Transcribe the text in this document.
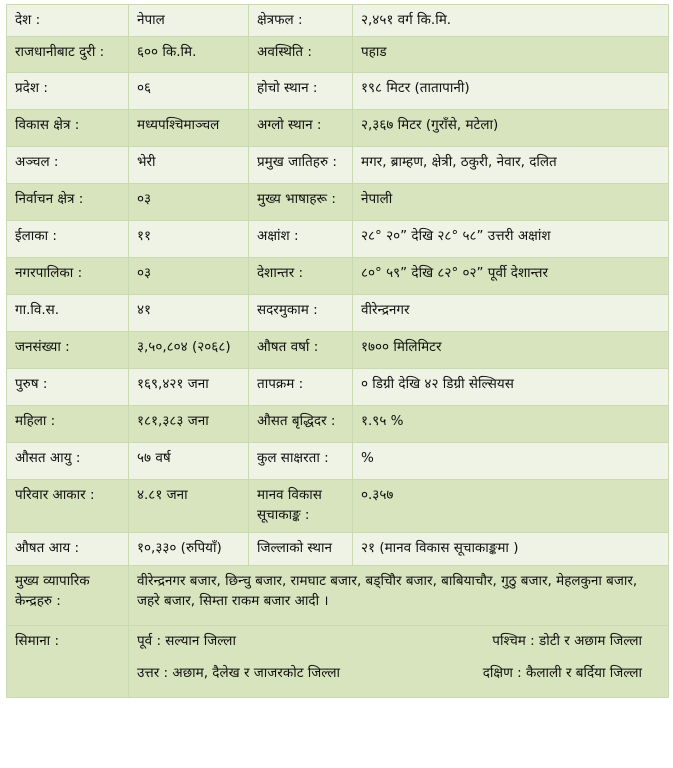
देश :	नेपाल	क्षेत्रफल :	२,४५१ वर्ग कि.मि.
राजधानीबाट दुरी :	६०० कि.मि.	अवस्थिति :	पहाड
प्रदेश :	०६	होचो स्थान :	१९८ मिटर (तातापानी)
विकास क्षेत्र :	मध्यपश्चिमाञ्चल	अग्लो स्थान :	२,३६७ मिटर (गुराँसे, मटेला)
अञ्चल :	भेरी	प्रमुख जातिहरु :	मगर, ब्राम्हण, क्षेत्री, ठकुरी, नेवार, दलित
निर्वाचन क्षेत्र :	०३	मुख्य भाषाहरू :	नेपाली
ईलाका :	११	अक्षांश :	२८° २०” देखि २८° ५८” उत्तरी अक्षांश
नगरपालिका :	०३	देशान्तर :	८०° ५९” देखि ८२° ०२” पूर्वी देशान्तर
गा.वि.स.	४१	सदरमुकाम :	वीरेन्द्रनगर
जनसंख्या :	३,५०,८०४ (२०६८)	औषत वर्षा :	१७०० मिलिमिटर
पुरुष :	१६९,४२१ जना	तापक्रम :	० डिग्री देखि ४२ डिग्री सेल्सियस
महिला :	१८१,३८३ जना	औसत बृद्धिदर :	१.९५ %
औसत आयु :	५७ वर्ष	कुल साक्षरता :	%
परिवार आकार :	४.८१ जना	मानव विकास सूचाकाङ्क :	०.३५७
औषत आय :	१०,३३० (रुपियाँ)	जिल्लाको स्थान	२१ (मानव विकास सूचाकाङ्कमा )
मुख्य व्यापारिक केन्द्रहरु :	वीरेन्द्रनगर बजार, छिन्चु बजार, रामघाट बजार, बड्चिौर बजार, बाबियाचौर, गुठु बजार, मेहलकुना बजार, जहरे बजार, सिम्ता राकम बजार आदी ।		
सिमाना :	पूर्व : सल्यान जिल्ला पश्चिम : डोटी र अछाम जिल्ला
उत्तर : अछाम, दैलेख र जाजरकोट जिल्ला दक्षिण : कैलाली र बर्दिया जिल्ला		
